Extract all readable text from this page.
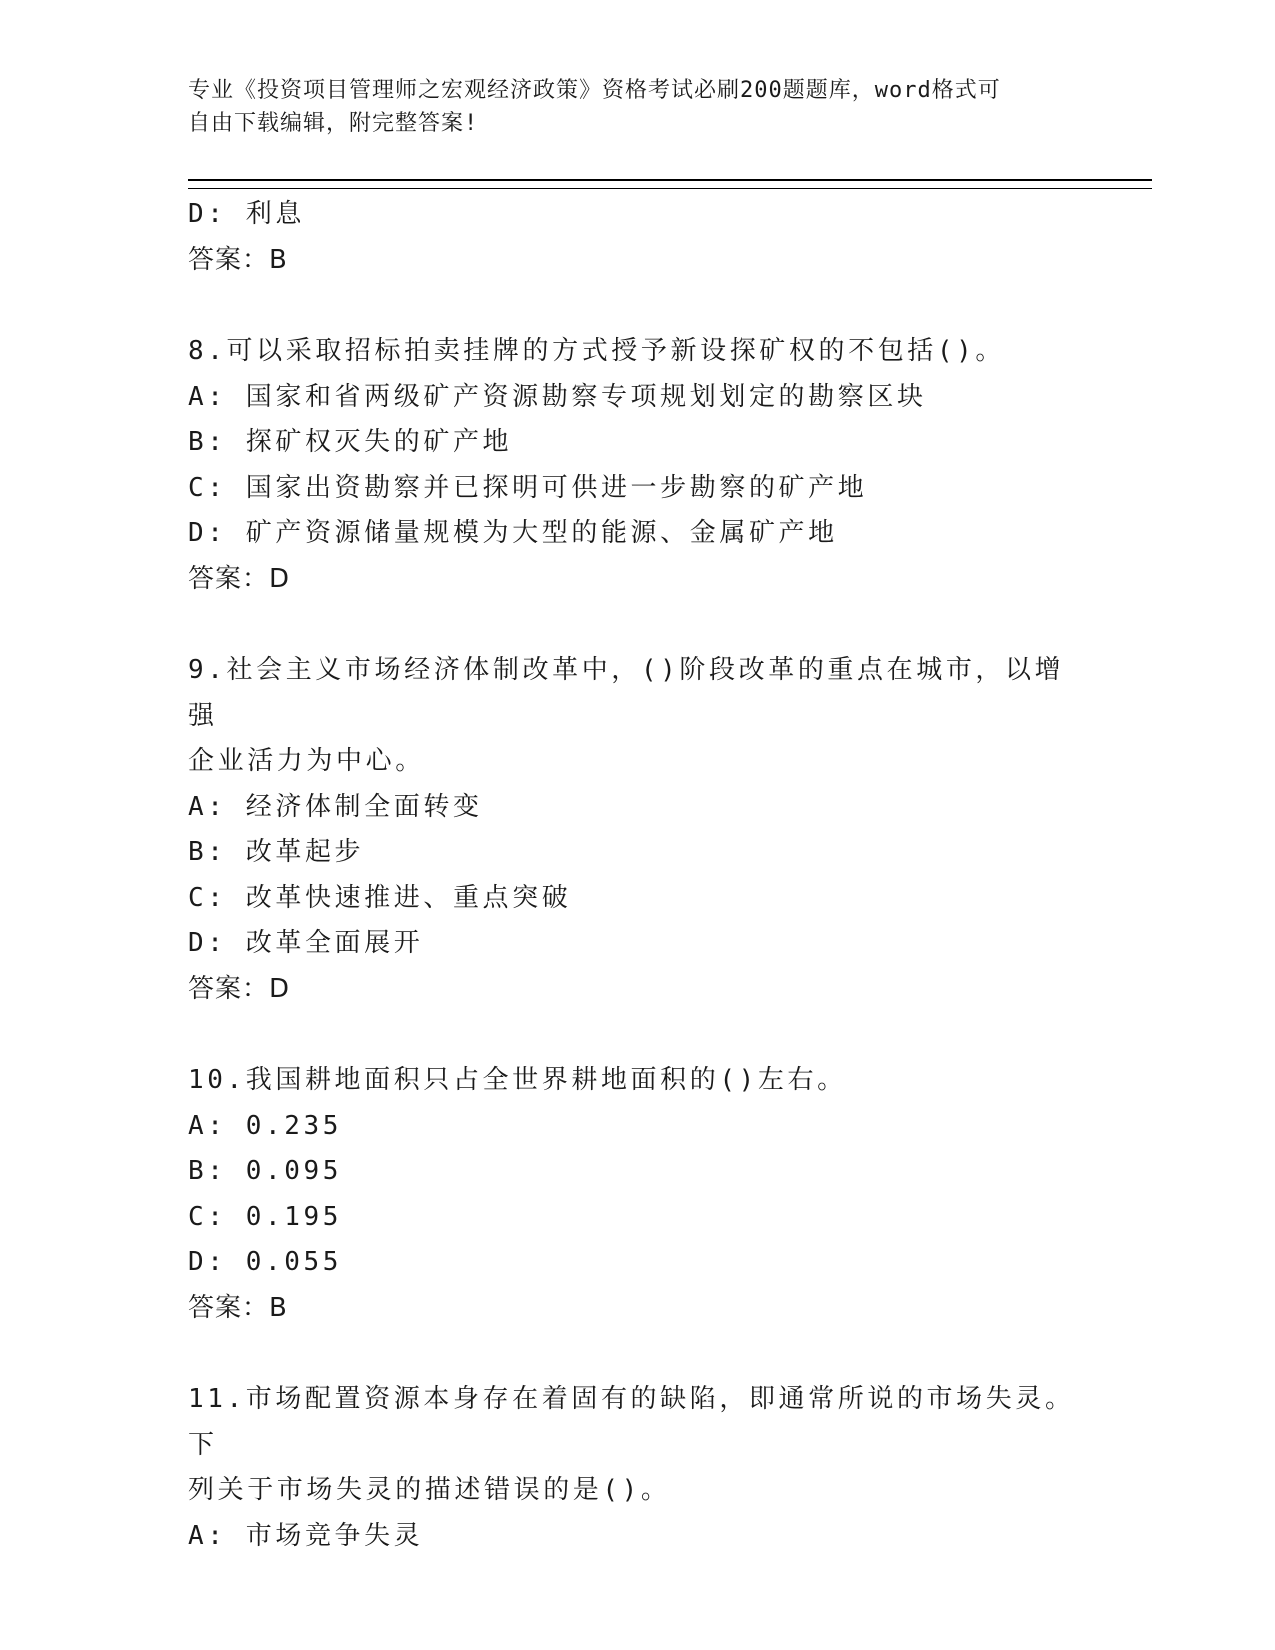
专业《投资项目管理师之宏观经济政策》资格考试必刷200题题库，word格式可
自由下载编辑，附完整答案!
D: 利息
答案：B
8.可以采取招标拍卖挂牌的方式授予新设探矿权的不包括()。
A: 国家和省两级矿产资源勘察专项规划划定的勘察区块
B: 探矿权灭失的矿产地
C: 国家出资勘察并已探明可供进一步勘察的矿产地
D: 矿产资源储量规模为大型的能源、金属矿产地
答案：D
9.社会主义市场经济体制改革中，()阶段改革的重点在城市，以增强
企业活力为中心。
A: 经济体制全面转变
B: 改革起步
C: 改革快速推进、重点突破
D: 改革全面展开
答案：D
10.我国耕地面积只占全世界耕地面积的()左右。
A: 0.235
B: 0.095
C: 0.195
D: 0.055
答案：B
11.市场配置资源本身存在着固有的缺陷，即通常所说的市场失灵。下
列关于市场失灵的描述错误的是()。
A: 市场竞争失灵
